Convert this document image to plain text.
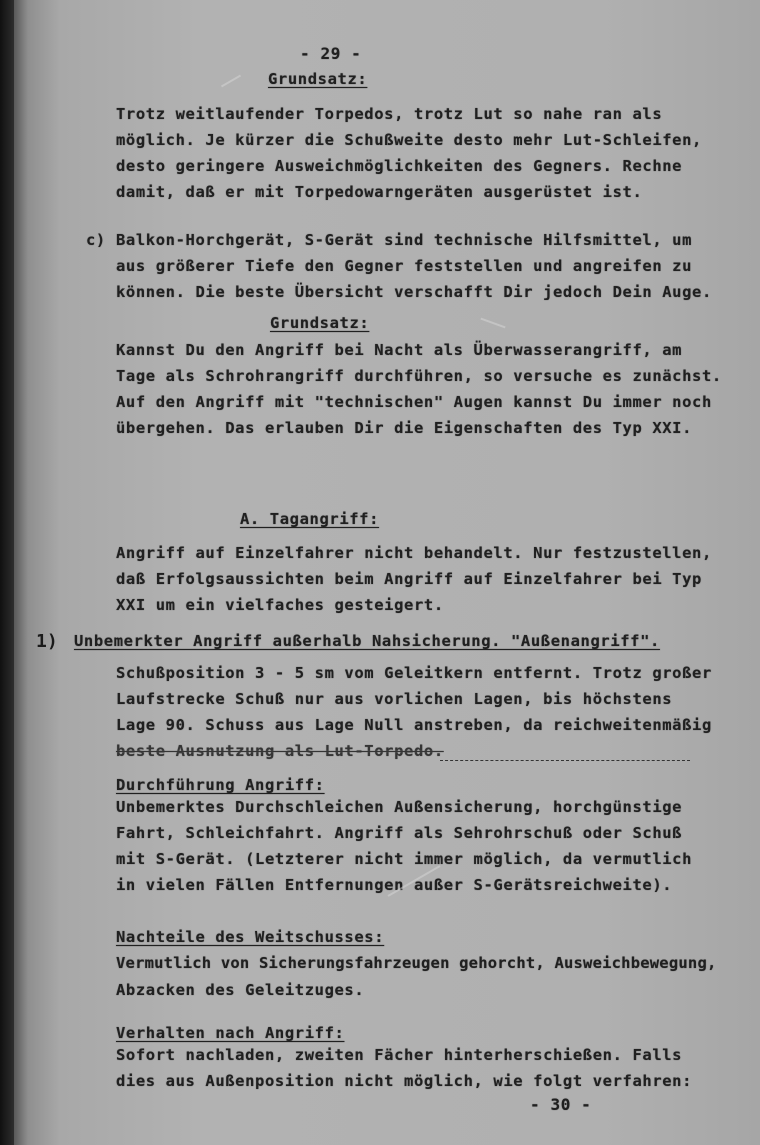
- 29 -
Grundsatz:
Trotz weitlaufender Torpedos, trotz Lut so nahe ran als
möglich. Je kürzer die Schußweite desto mehr Lut-Schleifen,
desto geringere Ausweichmöglichkeiten des Gegners. Rechne
damit, daß er mit Torpedowarngeräten ausgerüstet ist.
c) Balkon-Horchgerät, S-Gerät sind technische Hilfsmittel, um
aus größerer Tiefe den Gegner feststellen und angreifen zu
können. Die beste Übersicht verschafft Dir jedoch Dein Auge.
Grundsatz:
Kannst Du den Angriff bei Nacht als Überwasserangriff, am
Tage als Schrohrangriff durchführen, so versuche es zunächst.
Auf den Angriff mit "technischen" Augen kannst Du immer noch
übergehen. Das erlauben Dir die Eigenschaften des Typ XXI.
A. Tagangriff:
Angriff auf Einzelfahrer nicht behandelt. Nur festzustellen,
daß Erfolgsaussichten beim Angriff auf Einzelfahrer bei Typ
XXI um ein vielfaches gesteigert.
1) Unbemerkter Angriff außerhalb Nahsicherung. "Außenangriff".
Schußposition 3 - 5 sm vom Geleitkern entfernt. Trotz großer
Laufstrecke Schuß nur aus vorlichen Lagen, bis höchstens
Lage 90. Schuss aus Lage Null anstreben, da reichweitenmäßig
beste Ausnutzung als Lut-Torpedo.
Durchführung Angriff:
Unbemerktes Durchschleichen Außensicherung, horchgünstige
Fahrt, Schleichfahrt. Angriff als Sehrohrschuß oder Schuß
mit S-Gerät. (Letzterer nicht immer möglich, da vermutlich
in vielen Fällen Entfernungen außer S-Gerätsreichweite).
Nachteile des Weitschusses:
Vermutlich von Sicherungsfahrzeugen gehorcht, Ausweichbewegung,
Abzacken des Geleitzuges.
Verhalten nach Angriff:
Sofort nachladen, zweiten Fächer hinterherschießen. Falls
dies aus Außenposition nicht möglich, wie folgt verfahren:
- 30 -
